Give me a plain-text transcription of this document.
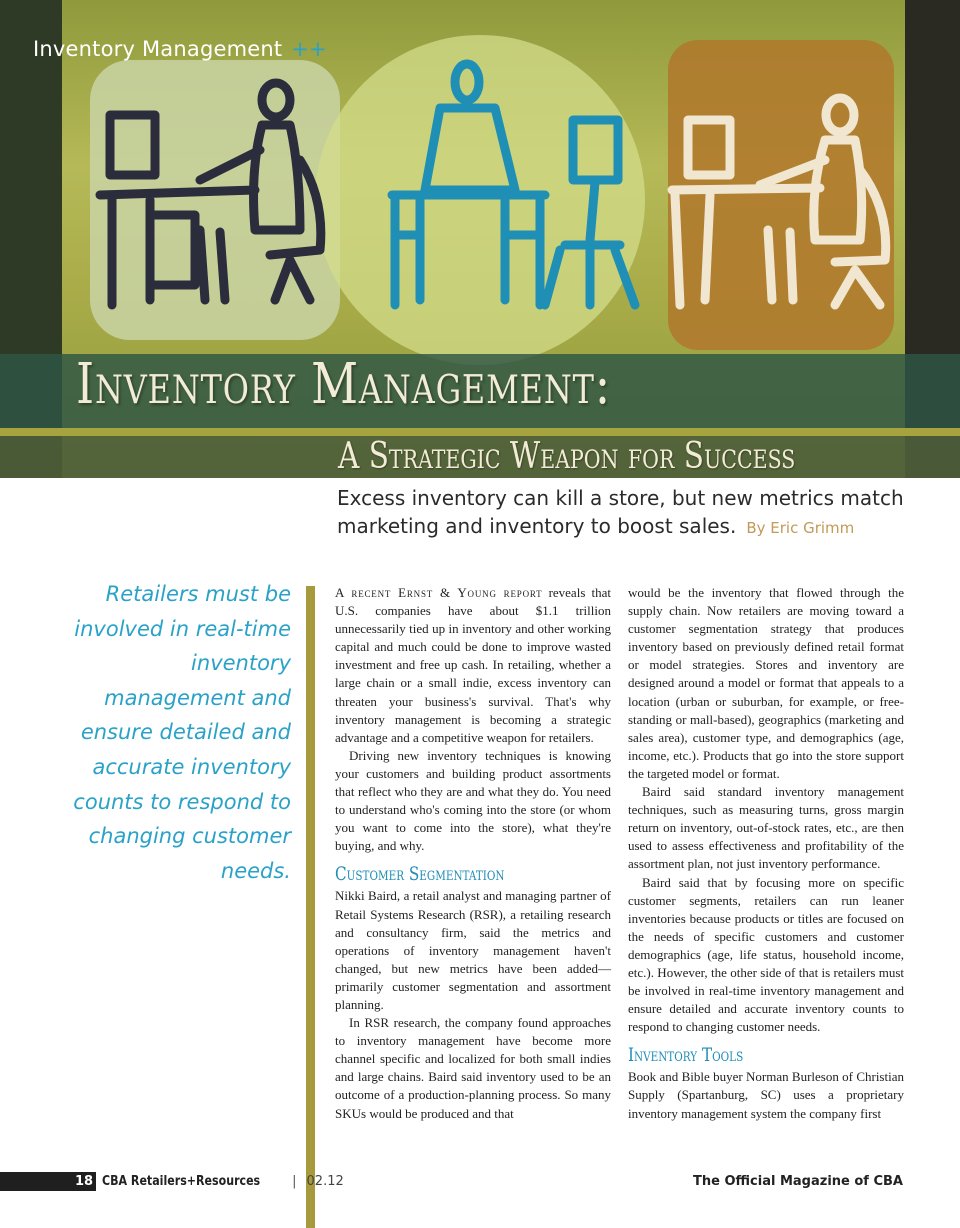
Inventory Management ++
Inventory Management:
A Strategic Weapon for Success
Excess inventory can kill a store, but new metrics match marketing and inventory to boost sales. By Eric Grimm
Retailers must be involved in real-time inventory management and ensure detailed and accurate inventory counts to respond to changing customer needs.

A recent Ernst & Young report reveals that U.S. companies have about $1.1 trillion unnecessarily tied up in inventory and other working capital and much could be done to improve wasted investment and free up cash. In retailing, whether a large chain or a small indie, excess inventory can threaten your business's survival. That's why inventory management is becoming a strategic advantage and a competitive weapon for retailers.

Driving new inventory techniques is knowing your customers and building product assortments that reflect who they are and what they do. You need to understand who's coming into the store (or whom you want to come into the store), what they're buying, and why.

Customer Segmentation

Nikki Baird, a retail analyst and managing partner of Retail Systems Research (RSR), a retailing research and consultancy firm, said the metrics and operations of inventory management haven't changed, but new metrics have been added—primarily customer segmentation and assortment planning.

In RSR research, the company found approaches to inventory management have become more channel specific and localized for both small indies and large chains. Baird said inventory used to be an outcome of a production-planning process. So many SKUs would be produced and that

would be the inventory that flowed through the supply chain. Now retailers are moving toward a customer segmentation strategy that produces inventory based on previously defined retail format or model strategies. Stores and inventory are designed around a model or format that appeals to a location (urban or suburban, for example, or free-standing or mall-based), geographics (marketing and sales area), customer type, and demographics (age, income, etc.). Products that go into the store support the targeted model or format.

Baird said standard inventory management techniques, such as measuring turns, gross margin return on inventory, out-of-stock rates, etc., are then used to assess effectiveness and profitability of the assortment plan, not just inventory performance.

Baird said that by focusing more on specific customer segments, retailers can run leaner inventories because products or titles are focused on the needs of specific customers and customer demographics (age, life status, household income, etc.). However, the other side of that is retailers must be involved in real-time inventory management and ensure detailed and accurate inventory counts to respond to changing customer needs.

Inventory Tools

Book and Bible buyer Norman Burleson of Christian Supply (Spartanburg, SC) uses a proprietary inventory management system the company first

18 CBA Retailers+Resources | 02.12	The Official Magazine of CBA
